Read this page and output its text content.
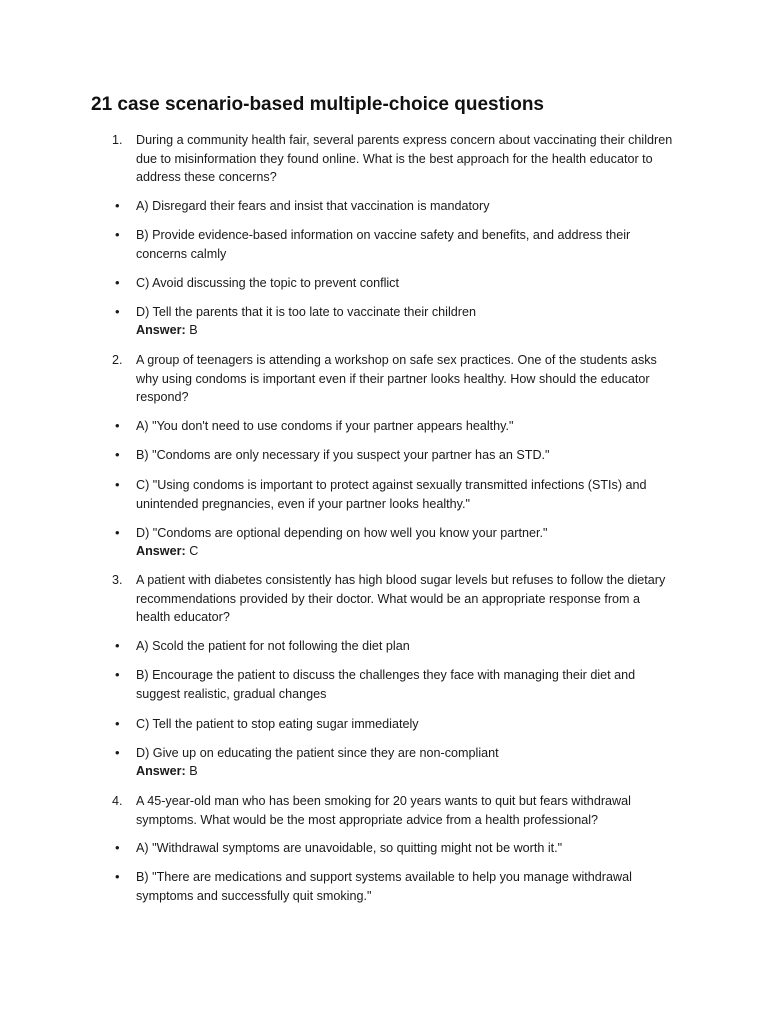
21 case scenario-based multiple-choice questions
1.	During a community health fair, several parents express concern about vaccinating their children due to misinformation they found online. What is the best approach for the health educator to address these concerns?
• A) Disregard their fears and insist that vaccination is mandatory
• B) Provide evidence-based information on vaccine safety and benefits, and address their concerns calmly
• C) Avoid discussing the topic to prevent conflict
• D) Tell the parents that it is too late to vaccinate their children
Answer: B
2.	A group of teenagers is attending a workshop on safe sex practices. One of the students asks why using condoms is important even if their partner looks healthy. How should the educator respond?
• A) "You don't need to use condoms if your partner appears healthy."
• B) "Condoms are only necessary if you suspect your partner has an STD."
• C) "Using condoms is important to protect against sexually transmitted infections (STIs) and unintended pregnancies, even if your partner looks healthy."
• D) "Condoms are optional depending on how well you know your partner."
Answer: C
3.	A patient with diabetes consistently has high blood sugar levels but refuses to follow the dietary recommendations provided by their doctor. What would be an appropriate response from a health educator?
• A) Scold the patient for not following the diet plan
• B) Encourage the patient to discuss the challenges they face with managing their diet and suggest realistic, gradual changes
• C) Tell the patient to stop eating sugar immediately
• D) Give up on educating the patient since they are non-compliant
Answer: B
4.	A 45-year-old man who has been smoking for 20 years wants to quit but fears withdrawal symptoms. What would be the most appropriate advice from a health professional?
• A) "Withdrawal symptoms are unavoidable, so quitting might not be worth it."
• B) "There are medications and support systems available to help you manage withdrawal symptoms and successfully quit smoking."
